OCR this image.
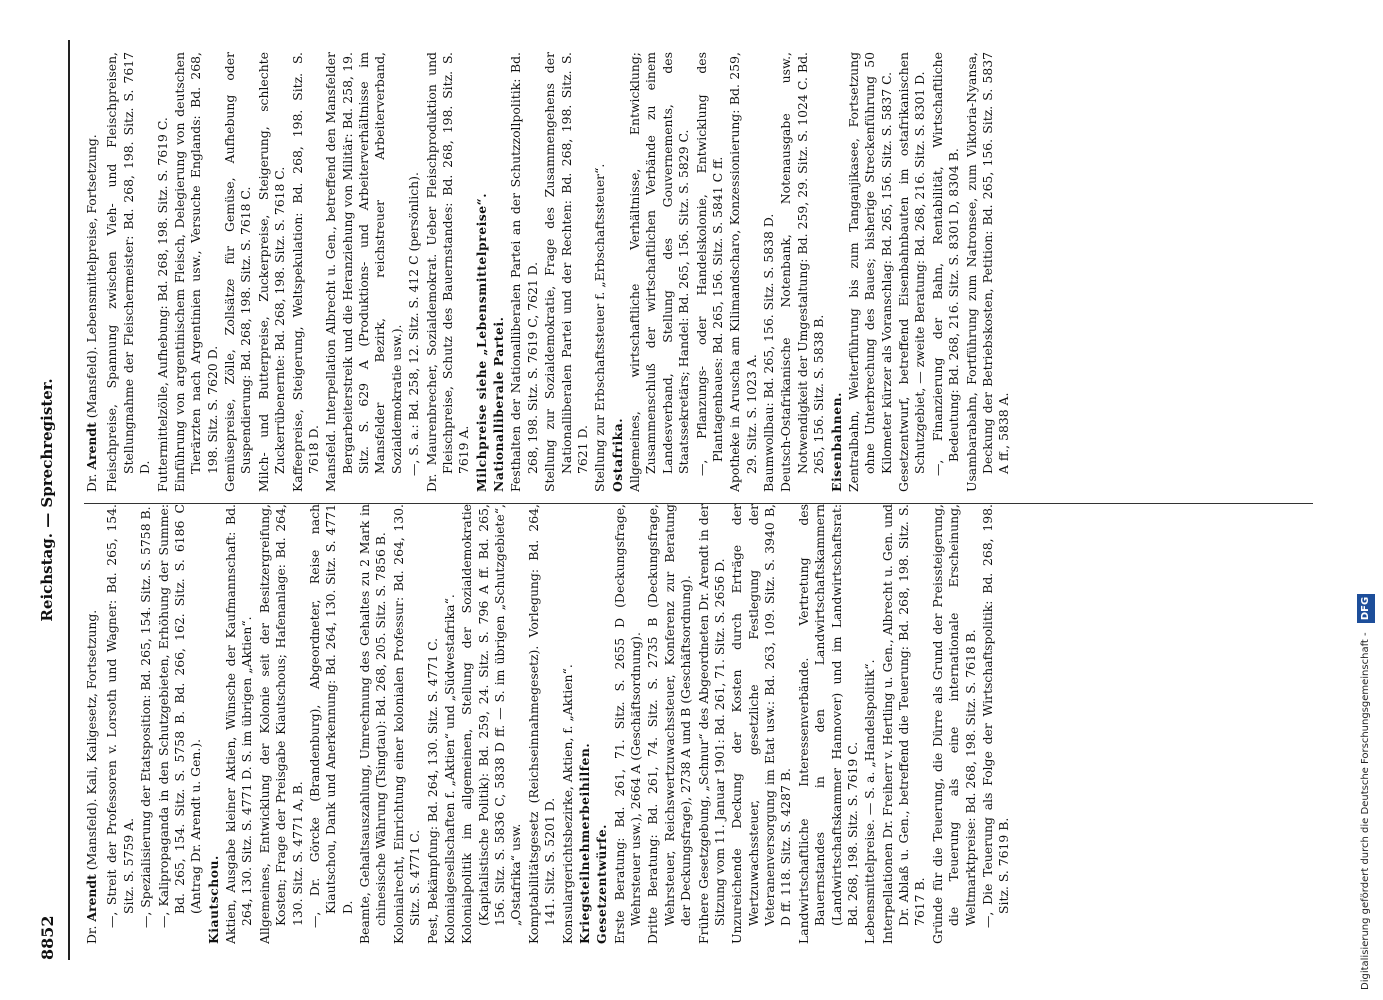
8852
Reichstag. — Sprechregister.
Dr. Arendt (Mansfeld). Kali, Kaligesetz, Fortsetzung. —, Streit der Professoren v. Lorsoth und Wagner: Bd. 265, 154. Sitz. S. 5759 A. —, Spezialisierung der Etatsposition: Bd. 265, 154. Sitz. S. 5758 B. —, Kalipropaganda in den Schutzgebieten, Erhöhung der Summe: Bd. 265, 154. Sitz. S. 5758 B. Bd. 266, 162. Sitz. S. 6186 C (Antrag Dr. Arendt u. Gen.). Kiautschou. Aktien, Ausgabe kleiner Aktien, Wünsche der Kaufmannschaft: Bd. 264, 130. Sitz. S. 4771 D. S. im übrigen „Aktien“. Allgemeines, Entwicklung der Kolonie seit der Besitzergreifung, Kosten; Frage der Preisgabe Kiautschous; Hafenanlage: Bd. 264, 130. Sitz. S. 4771 A, B. —, Dr. Görcke (Brandenburg), Abgeordneter, Reise nach Kiautschou, Dank und Anerkennung: Bd. 264, 130. Sitz. S. 4771 D. Beamte, Gehaltsauszahlung, Umrechnung des Gehaltes zu 2 Mark in chinesische Währung (Tsingtau): Bd. 268, 205. Sitz. S. 7856 B. Kolonialrecht, Einrichtung einer kolonialen Professur: Bd. 264, 130. Sitz. S. 4771 C. Pest, Bekämpfung: Bd. 264, 130. Sitz. S. 4771 C. Kolonialgesellschaften f. „Aktien“ und „Südwestafrika“. Kolonialpolitik im allgemeinen, Stellung der Sozialdemokratie (Kapitalistische Politik): Bd. 259, 24. Sitz. S. 796 A ff. Bd. 265, 156. Sitz. S. 5836 C, 5838 D ff. — S. im übrigen „Schutzgebiete“, „Ostafrika“ usw. Komptabilitätsgesetz (Reichseinnahmegesetz). Vorlegung: Bd. 264, 141. Sitz. S. 5201 D. Konsulargerichtsbezirke, Aktien, f. „Aktien“. Kriegsteilnehmerbeihilfen. Gesetzentwürfe. Erste Beratung: Bd. 261, 71. Sitz. S. 2655 D (Deckungsfrage, Wehrsteuer usw.), 2664 A (Geschäftsordnung). Dritte Beratung: Bd. 261, 74. Sitz. S. 2735 B (Deckungsfrage, Wehrsteuer, Reichswertzuwachssteuer, Konferenz zur Beratung der Deckungsfrage), 2738 A und B (Geschäftsordnung). Frühere Gesetzgebung, „Schnur“ des Abgeordneten Dr. Arendt in der Sitzung vom 11. Januar 1901: Bd. 261, 71. Sitz. S. 2656 D. Unzureichende Deckung der Kosten durch Erträge der Wertzuwachssteuer, gesetzliche Festlegung der Veteranenversorgung im Etat usw.: Bd. 263, 109. Sitz. S. 3940 B, D ff. 118. Sitz. S. 4287 B. Landwirtschaftliche Interessenverbände. Vertretung des Bauernstandes in den Landwirtschaftskammern (Landwirtschaftskammer Hannover) und im Landwirtschaftsrat: Bd. 268, 198. Sitz. S. 7619 C. Lebensmittelpreise. — S. a. „Handelspolitik“. Interpellationen Dr. Freiherr v. Hertling u. Gen., Albrecht u. Gen. und Dr. Ablaß u. Gen., betreffend die Teuerung: Bd. 268, 198. Sitz. S. 7617 B. Gründe für die Teuerung, die Dürre als Grund der Preissteigerung, die Teuerung als eine internationale Erscheinung, Weltmarktpreise: Bd. 268, 198. Sitz. S. 7618 B. —, Die Teuerung als Folge der Wirtschaftspolitik: Bd. 268, 198. Sitz. S. 7619 B.
Dr. Arendt (Mansfeld). Lebensmittelpreise, Fortsetzung. Fleischpreise, Spannung zwischen Vieh- und Fleischpreisen, Stellungnahme der Fleischermeister: Bd. 268, 198. Sitz. S. 7617 D. Futtermittelzölle, Aufhebung: Bd. 268, 198. Sitz. S. 7619 C. Einführung von argentinischem Fleisch, Delegierung von deutschen Tierärzten nach Argentinien usw., Versuche Englands: Bd. 268, 198. Sitz. S. 7620 D. Gemüsepreise, Zölle, Zollsätze für Gemüse, Aufhebung oder Suspendierung: Bd. 268, 198. Sitz. S. 7618 C. Milch- und Butterpreise, Zuckerpreise, Steigerung, schlechte Zuckerrübenernte: Bd. 268, 198. Sitz. S. 7618 C. Kaffeepreise, Steigerung, Weltspekulation: Bd. 268, 198. Sitz. S. 7618 D. Mansfeld. Interpellation Albrecht u. Gen., betreffend den Mansfelder Bergarbeiterstreik und die Heranziehung von Militär: Bd. 258, 19. Sitz. S. 629 A (Produktions- und Arbeiterverhältnisse im Mansfelder Bezirk, reichstreuer Arbeiterverband, Sozialdemokratie usw.). —, S. a.: Bd. 258, 12. Sitz. S. 412 C (persönlich). Dr. Maurenbrecher, Sozialdemokrat. Ueber Fleischproduktion und Fleischpreise, Schutz des Bauernstandes: Bd. 268, 198. Sitz. S. 7619 A. Milchpreise siehe „Lebensmittelpreise“. Nationalliberale Partei. Festhalten der Nationalliberalen Partei an der Schutzzollpolitik: Bd. 268, 198. Sitz. S. 7619 C, 7621 D. Stellung zur Sozialdemokratie, Frage des Zusammengehens der Nationalliberalen Partei und der Rechten: Bd. 268, 198. Sitz. S. 7621 D. Stellung zur Erbschaftssteuer f. „Erbschaftssteuer“. Ostafrika. Allgemeines, wirtschaftliche Verhältnisse, Entwicklung; Zusammenschluß der wirtschaftlichen Verbände zu einem Landesverband, Stellung des Gouvernements, des Staatssekretärs; Handel: Bd. 265, 156. Sitz. S. 5829 C. —, Pflanzungs- oder Handelskolonie, Entwicklung des Plantagenbaues: Bd. 265, 156. Sitz. S. 5841 C ff. Apotheke in Aruscha am Kilimandscharo, Konzessionierung: Bd. 259, 29. Sitz. S. 1023 A. Baumwollbau: Bd. 265, 156. Sitz. S. 5838 D. Deutsch-Ostafrikanische Notenbank, Notenausgabe usw., Notwendigkeit der Umgestaltung: Bd. 259, 29. Sitz. S. 1024 C. Bd. 265, 156. Sitz. S. 5838 B. Eisenbahnen. Zentralbahn, Weiterführung bis zum Tanganjikasee, Fortsetzung ohne Unterbrechung des Baues; bisherige Streckenführung 50 Kilometer kürzer als Voranschlag: Bd. 265, 156. Sitz. S. 5837 C. Gesetzentwurf, betreffend Eisenbahnbauten im ostafrikanischen Schutzgebiet, — zweite Beratung: Bd. 268, 216. Sitz. S. 8301 D. —, Finanzierung der Bahn, Rentabilität, Wirtschaftliche Bedeutung: Bd. 268, 216. Sitz. S. 8301 D, 8304 B. Usambarabahn, Fortführung zum Natronsee, zum Viktoria-Nyansa, Deckung der Betriebskosten, Petition: Bd. 265, 156. Sitz. S. 5837 A ff., 5838 A.
Digitalisierung gefördert durch die Deutsche Forschungsgemeinschaft - DFG
